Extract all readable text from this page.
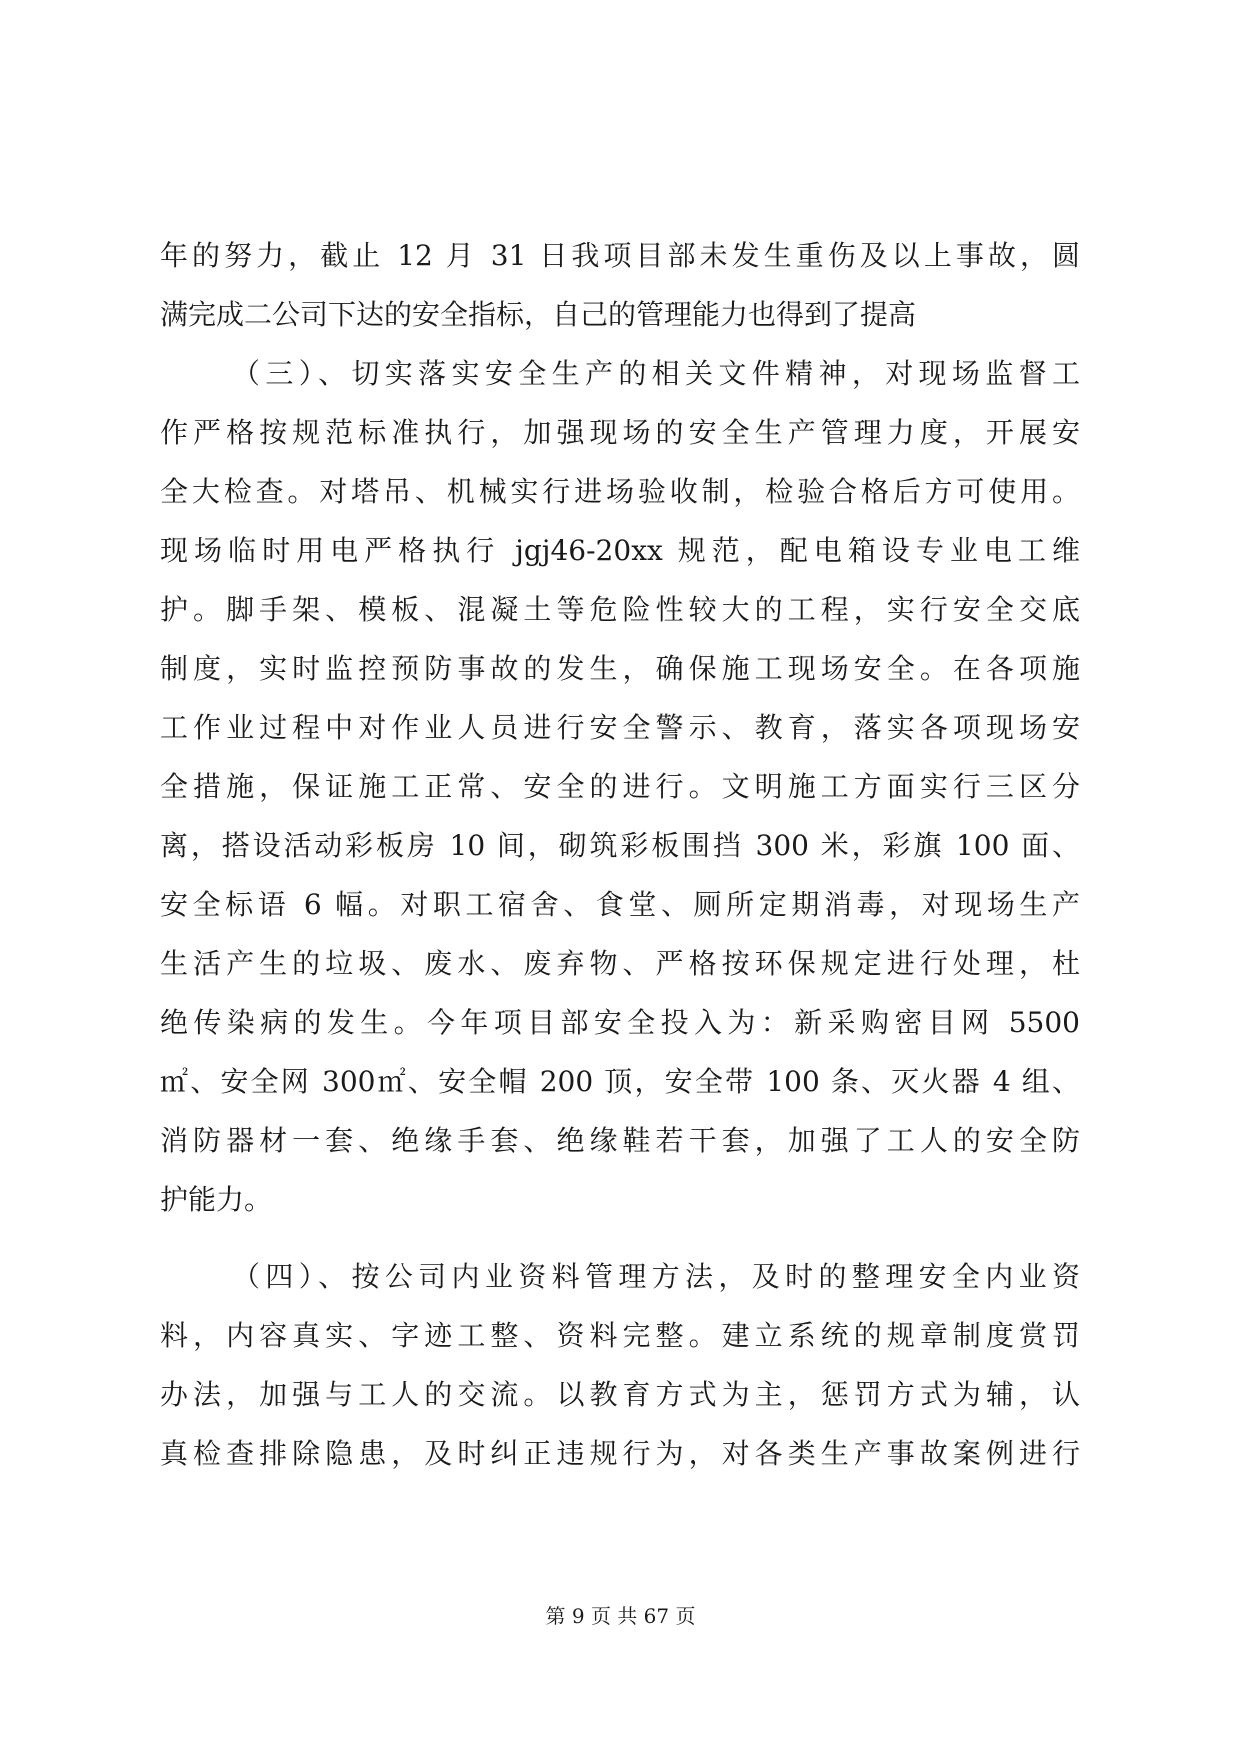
年的努力，截止 12 月 31 日我项目部未发生重伤及以上事故，圆
满完成二公司下达的安全指标，自己的管理能力也得到了提高
（三）、切实落实安全生产的相关文件精神，对现场监督工
作严格按规范标准执行，加强现场的安全生产管理力度，开展安
全大检查。对塔吊、机械实行进场验收制，检验合格后方可使用。
现场临时用电严格执行 jgj46-20xx 规范，配电箱设专业电工维
护。脚手架、模板、混凝土等危险性较大的工程，实行安全交底
制度，实时监控预防事故的发生，确保施工现场安全。在各项施
工作业过程中对作业人员进行安全警示、教育，落实各项现场安
全措施，保证施工正常、安全的进行。文明施工方面实行三区分
离，搭设活动彩板房 10 间，砌筑彩板围挡 300 米，彩旗 100 面、
安全标语 6 幅。对职工宿舍、食堂、厕所定期消毒，对现场生产
生活产生的垃圾、废水、废弃物、严格按环保规定进行处理，杜
绝传染病的发生。今年项目部安全投入为：新采购密目网 5500
㎡、安全网 300㎡、安全帽 200 顶，安全带 100 条、灭火器 4 组、
消防器材一套、绝缘手套、绝缘鞋若干套，加强了工人的安全防
护能力。
（四）、按公司内业资料管理方法，及时的整理安全内业资
料，内容真实、字迹工整、资料完整。建立系统的规章制度赏罚
办法，加强与工人的交流。以教育方式为主，惩罚方式为辅，认
真检查排除隐患，及时纠正违规行为，对各类生产事故案例进行
第 9 页 共 67 页
